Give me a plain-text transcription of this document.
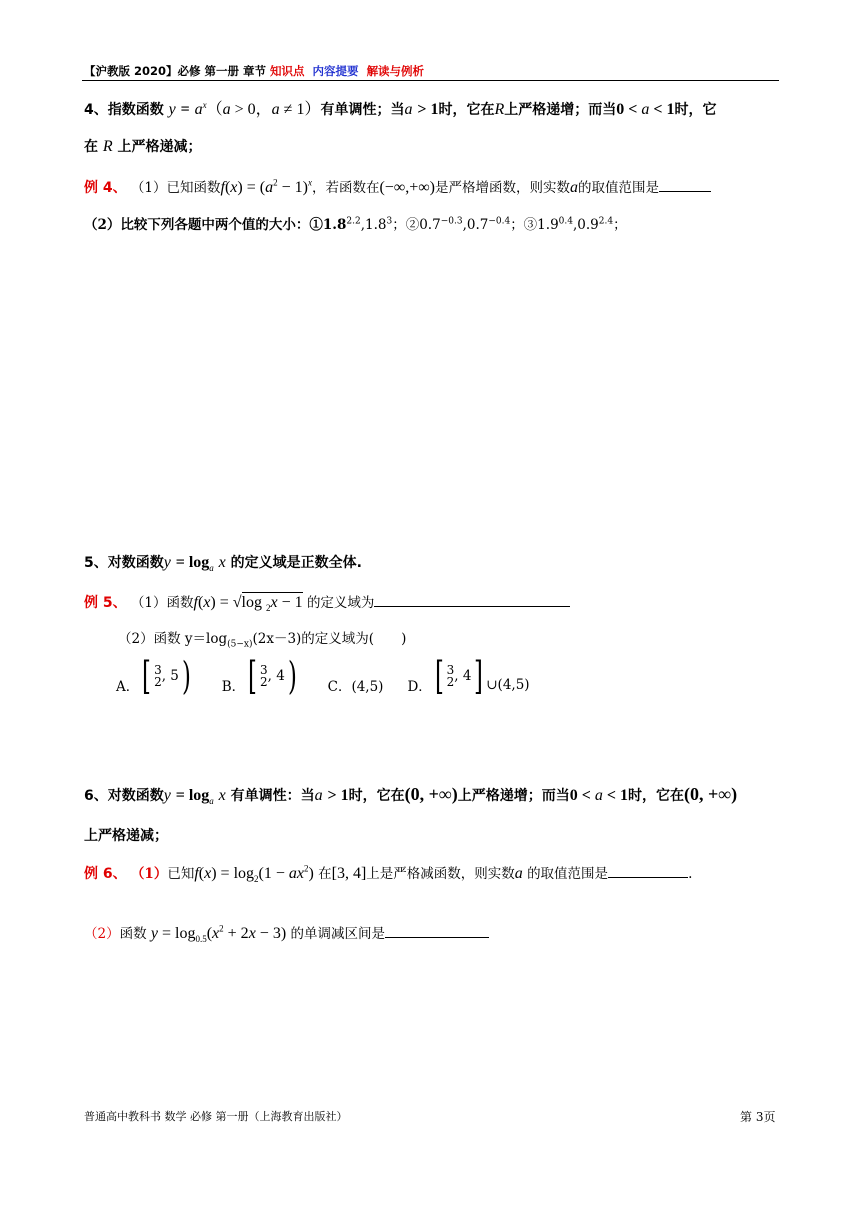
【沪教版 2020】必修 第一册 章节 知识点 内容提要 解读与例析
4、指数函数 $y = a^x(a > 0$，a ≠ 1）有单调性；当a > 1时，它在R上严格递增；而当0 < a < 1时，它
在 R 上严格递减；
例 4、 （1）已知函数$f(x) = (a^2 - 1)^x$，若函数在(−∞,+∞)是严格增函数，则实数a的取值范围是
（2）比较下列各题中两个值的大小：$①1.8^{2.2},1.8^3$；$②0.7^{-0.3},0.7^{-0.4}$；$③1.9^{0.4},0.9^{2.4}$；
5、对数函数$y = \log_a x$ 的定义域是正数全体.
例 5、 （1）函数f(x) = √log $_2$x − 1 的定义域为
（2）函数 $y=\log_{(5-x)}(2x-3)$的定义域为(　　)
A． [ 3
2 , 5 ) B． [ 3
2 , 4 ) C．(4,5) D． [ 3
2 , 4 ] ∪(4,5)
6、对数函数$y = \log_a x$ 有单调性：当a > 1时，它在(0, +∞)上严格递增；而当0 < a < 1时，它在(0, +∞)
上严格递减；
例 6、 （1）已知$f(x) = \log_2(1 - ax^2)$ 在[3, 4]上是严格减函数，则实数a 的取值范围是	.
（2）函数 $y = \log_{0.5}(x^2 + 2x - 3)$ 的单调减区间是
普通高中教科书 数学 必修 第一册（上海教育出版社）	第 3页
